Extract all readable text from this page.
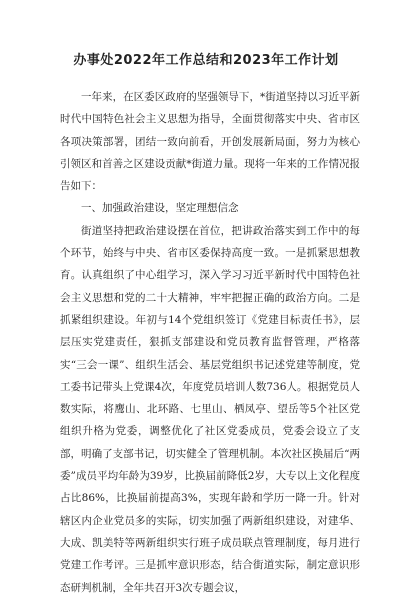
办事处2022年工作总结和2023年工作计划

一年来，在区委区政府的坚强领导下，*街道坚持以习近平新时代中国特色社会主义思想为指导，全面贯彻落实中央、省市区各项决策部署，团结一致向前看，开创发展新局面，努力为核心引领区和首善之区建设贡献*街道力量。现将一年来的工作情况报告如下：

一、加强政治建设，坚定理想信念

街道坚持把政治建设摆在首位，把讲政治落实到工作中的每个环节，始终与中央、省市区委保持高度一致。一是抓紧思想教育。认真组织了中心组学习，深入学习习近平新时代中国特色社会主义思想和党的二十大精神，牢牢把握正确的政治方向。二是抓紧组织建设。年初与14个党组织签订《党建目标责任书》，层层压实党建责任，狠抓支部建设和党员教育监督管理，严格落实“三会一课”、组织生活会、基层党组织书记述党建等制度，党工委书记带头上党课4次，年度党员培训人数736人。根据党员人数实际，将鹰山、北环路、七里山、栖凤亭、望岳等5个社区党组织升格为党委，调整优化了社区党委成员，党委会设立了支部，明确了支部书记，切实健全了管理机制。本次社区换届后“两委”成员平均年龄为39岁，比换届前降低2岁，大专以上文化程度占比86%，比换届前提高3%，实现年龄和学历一降一升。针对辖区内企业党员多的实际，切实加强了两新组织建设，对建华、大成、凯美特等两新组织实行班子成员联点管理制度，每月进行党建工作考评。三是抓牢意识形态，结合街道实际，制定意识形态研判机制，全年共召开3次专题会议，
